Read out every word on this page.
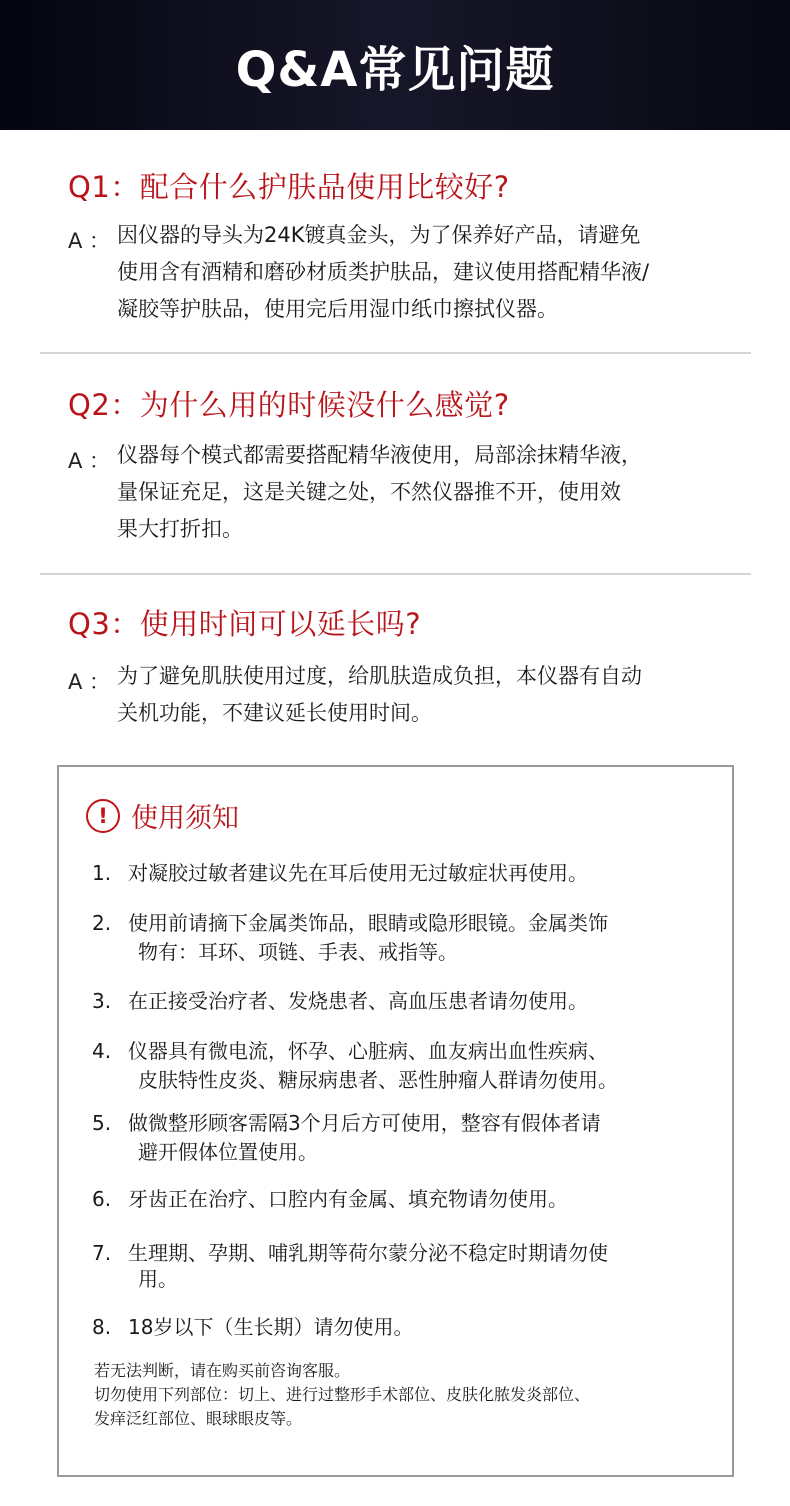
Q&A常见问题
Q1：配合什么护肤品使用比较好?
A ： 因仪器的导头为24K镀真金头，为了保养好产品，请避免
使用含有酒精和磨砂材质类护肤品，建议使用搭配精华液/
凝胶等护肤品，使用完后用湿巾纸巾擦拭仪器。
Q2：为什么用的时候没什么感觉?
A ： 仪器每个模式都需要搭配精华液使用，局部涂抹精华液，
量保证充足，这是关键之处，不然仪器推不开，使用效
果大打折扣。
Q3：使用时间可以延长吗?
A ： 为了避免肌肤使用过度，给肌肤造成负担，本仪器有自动
关机功能，不建议延长使用时间。
! 使用须知
1. 对凝胶过敏者建议先在耳后使用无过敏症状再使用。
2. 使用前请摘下金属类饰品，眼睛或隐形眼镜。金属类饰
物有：耳环、项链、手表、戒指等。
3. 在正接受治疗者、发烧患者、高血压患者请勿使用。
4. 仪器具有微电流，怀孕、心脏病、血友病出血性疾病、
皮肤特性皮炎、糖尿病患者、恶性肿瘤人群请勿使用。
5. 做微整形顾客需隔3个月后方可使用，整容有假体者请
避开假体位置使用。
6. 牙齿正在治疗、口腔内有金属、填充物请勿使用。
7. 生理期、孕期、哺乳期等荷尔蒙分泌不稳定时期请勿使
用。
8. 18岁以下（生长期）请勿使用。
若无法判断，请在购买前咨询客服。
切勿使用下列部位：切上、进行过整形手术部位、皮肤化脓发炎部位、
发痒泛红部位、眼球眼皮等。
